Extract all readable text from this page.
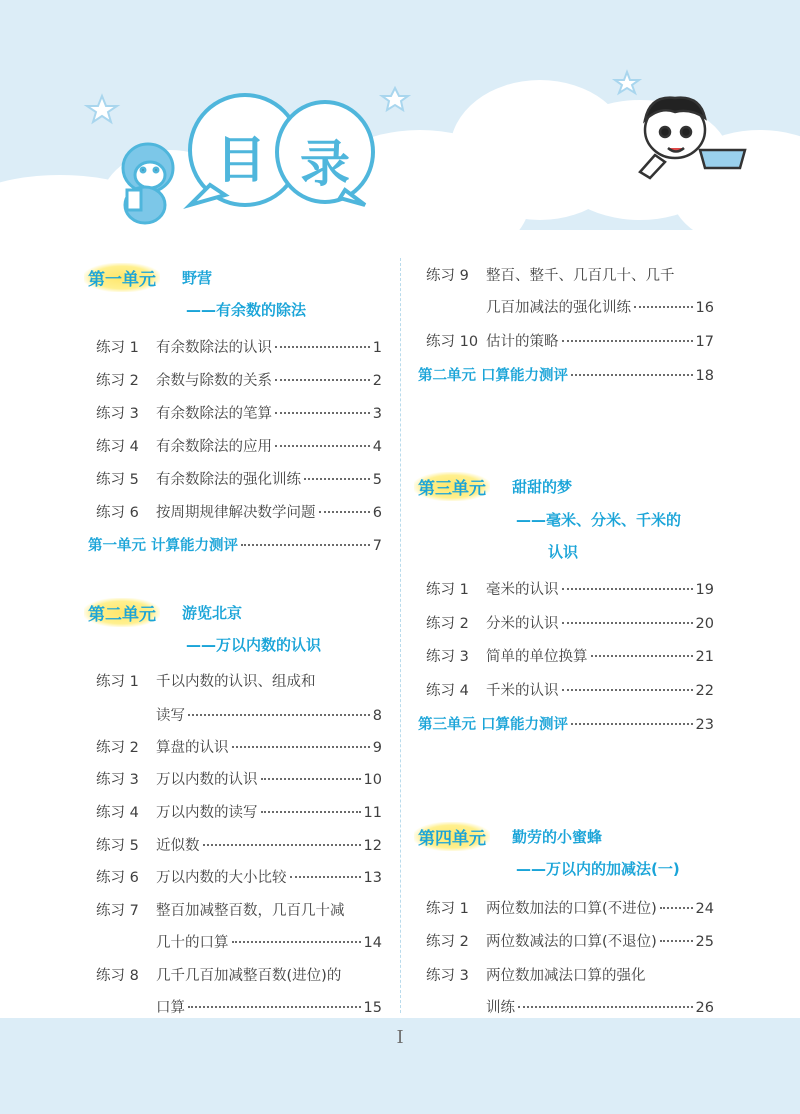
目 录
第一单元 野营
——有余数的除法
练习 1	有余数除法的认识	1
练习 2	余数与除数的关系	2
练习 3	有余数除法的笔算	3
练习 4	有余数除法的应用	4
练习 5	有余数除法的强化训练	5
练习 6	按周期规律解决数学问题	6
第一单元 计算能力测评	7
第二单元 游览北京
——万以内数的认识
练习 1	千以内数的认识、组成和
读写	8
练习 2	算盘的认识	9
练习 3	万以内数的认识	10
练习 4	万以内数的读写	11
练习 5	近似数	12
练习 6	万以内数的大小比较	13
练习 7	整百加减整百数，几百几十减
几十的口算	14
练习 8	几千几百加减整百数(进位)的
口算	15
练习 9	整百、整千、几百几十、几千
几百加减法的强化训练	16
练习 10 估计的策略	17
第二单元 口算能力测评	18
第三单元 甜甜的梦
——毫米、分米、千米的
认识
练习 1	毫米的认识	19
练习 2	分米的认识	20
练习 3	简单的单位换算	21
练习 4	千米的认识	22
第三单元 口算能力测评	23
第四单元 勤劳的小蜜蜂
——万以内的加减法(一)
练习 1	两位数加法的口算(不进位)	24
练习 2	两位数减法的口算(不退位)	25
练习 3	两位数加减法口算的强化
训练	26
I
